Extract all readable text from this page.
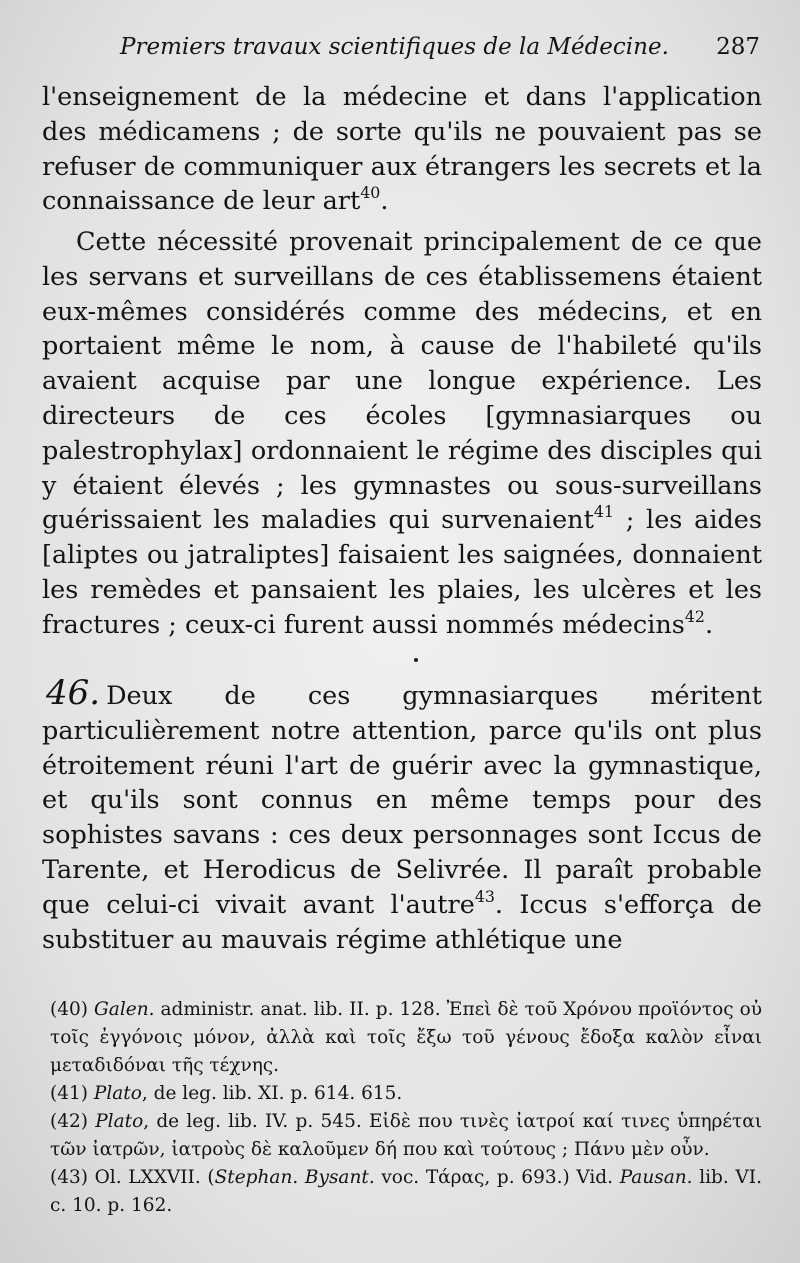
Premiers travaux scientifiques de la Médecine. 287
l'enseignement de la médecine et dans l'application des médicamens ; de sorte qu'ils ne pouvaient pas se refuser de communiquer aux étrangers les secrets et la connaissance de leur art$^{40}$.
Cette nécessité provenait principalement de ce que les servans et surveillans de ces établissemens étaient eux-mêmes considérés comme des médecins, et en portaient même le nom, à cause de l'habileté qu'ils avaient acquise par une longue expérience. Les directeurs de ces écoles [gymnasiarques ou palestrophylax] ordonnaient le régime des disciples qui y étaient élevés ; les gymnastes ou sous-surveillans guérissaient les maladies qui survenaient$^{41}$ ; les aides [aliptes ou jatraliptes] faisaient les saignées, donnaient les remèdes et pansaient les plaies, les ulcères et les fractures ; ceux-ci furent aussi nommés médecins$^{42}$.
46. Deux de ces gymnasiarques méritent particulièrement notre attention, parce qu'ils ont plus étroitement réuni l'art de guérir avec la gymnastique, et qu'ils sont connus en même temps pour des sophistes savans : ces deux personnages sont Iccus de Tarente, et Herodicus de Selivrée. Il paraît probable que celui-ci vivait avant l'autre$^{43}$. Iccus s'efforça de substituer au mauvais régime athlétique une
(40) Galen. administr. anat. lib. II. p. 128. Ἐπεὶ δὲ τοῦ Χρόνου προϊόντος οὐ τοῖς ἐγγόνοις μόνον, ἀλλὰ καὶ τοῖς ἔξω τοῦ γένους ἔδοξα καλὸν εἶναι μεταδιδόναι τῆς τέχνης.
(41) Plato, de leg. lib. XI. p. 614. 615.
(42) Plato, de leg. lib. IV. p. 545. Εἰδὲ που τινὲς ἰατροί καί τινες ὑπηρέται τῶν ἰατρῶν, ἰατροὺς δὲ καλοῦμεν δή που καὶ τούτους ; Πάνυ μὲν οὖν.
(43) Ol. LXXVII. (Stephan. Bysant. voc. Τάρας, p. 693.) Vid. Pausan. lib. VI. c. 10. p. 162.
